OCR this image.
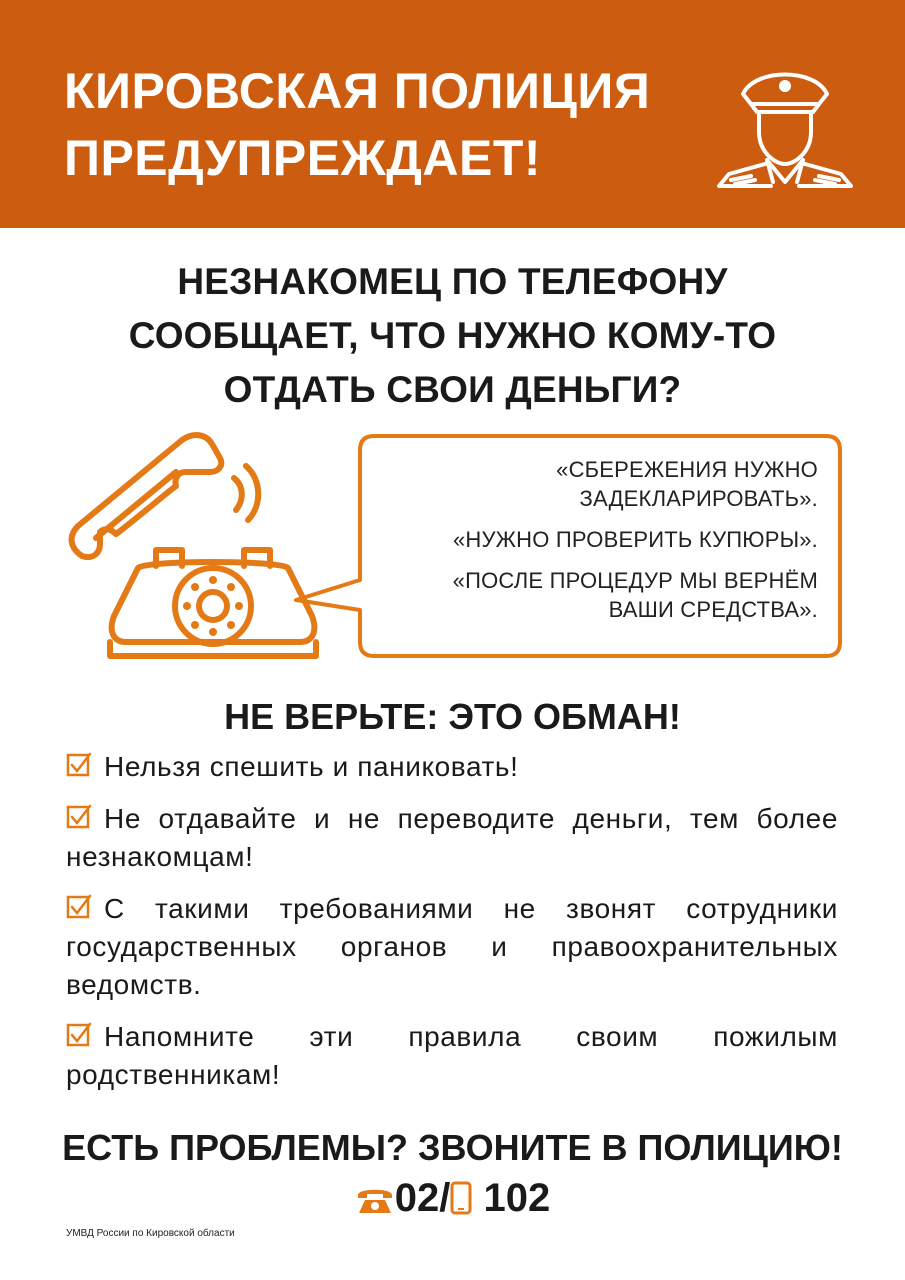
КИРОВСКАЯ ПОЛИЦИЯ
ПРЕДУПРЕЖДАЕТ!
НЕЗНАКОМЕЦ ПО ТЕЛЕФОНУ
СООБЩАЕТ, ЧТО НУЖНО КОМУ-ТО
ОТДАТЬ СВОИ ДЕНЬГИ?

«СБЕРЕЖЕНИЯ НУЖНО
ЗАДЕКЛАРИРОВАТЬ».

«НУЖНО ПРОВЕРИТЬ КУПЮРЫ».

«ПОСЛЕ ПРОЦЕДУР МЫ ВЕРНЁМ
ВАШИ СРЕДСТВА».

НЕ ВЕРЬТЕ: ЭТО ОБМАН!
Нельзя спешить и паниковать!
Не отдавайте и не переводите деньги, тем более незнакомцам!
С такими требованиями не звонят сотрудники государственных органов и правоохранительных ведомств.
Напомните эти правила своим пожилым родственникам!
ЕСТЬ ПРОБЛЕМЫ? ЗВОНИТЕ В ПОЛИЦИЮ!
02/ 102
УМВД России по Кировской области
